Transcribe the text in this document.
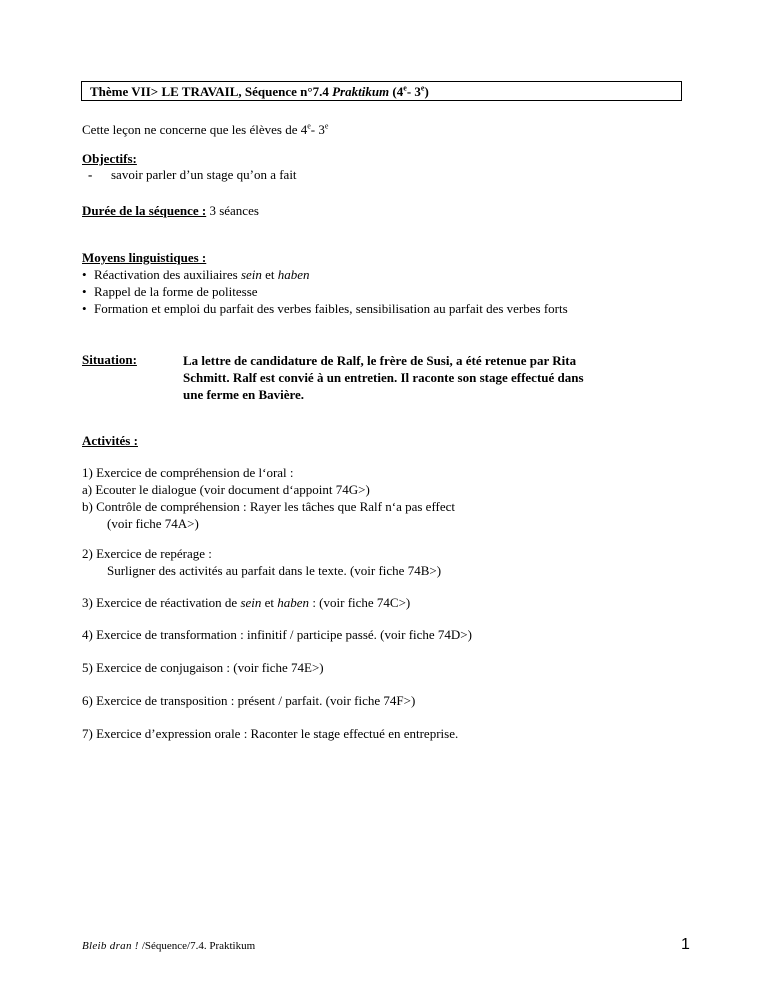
Thème VII> LE TRAVAIL, Séquence n°7.4 Praktikum (4e- 3e)
Cette leçon ne concerne que les élèves de 4e- 3e
Objectifs:
- savoir parler d’un stage qu’on a fait
Durée de la séquence : 3 séances
Moyens linguistiques :
• Réactivation des auxiliaires sein et haben
• Rappel de la forme de politesse
• Formation et emploi du parfait des verbes faibles, sensibilisation au parfait des verbes forts
Situation:	La lettre de candidature de Ralf, le frère de Susi, a été retenue par Rita
Schmitt. Ralf est convié à un entretien. Il raconte son stage effectué dans
une ferme en Bavière.
Activités :
1) Exercice de compréhension de l‘oral :
a) Ecouter le dialogue (voir document d‘appoint 74G>)
b) Contrôle de compréhension : Rayer les tâches que Ralf n‘a pas effect
(voir fiche 74A>)
2) Exercice de repérage :
Surligner des activités au parfait dans le texte. (voir fiche 74B>)
3) Exercice de réactivation de sein et haben : (voir fiche 74C>)
4) Exercice de transformation : infinitif / participe passé. (voir fiche 74D>)
5) Exercice de conjugaison : (voir fiche 74E>)
6) Exercice de transposition : présent / parfait. (voir fiche 74F>)
7) Exercice d’expression orale : Raconter le stage effectué en entreprise.
Bleib dran ! /Séquence/7.4. Praktikum	1
